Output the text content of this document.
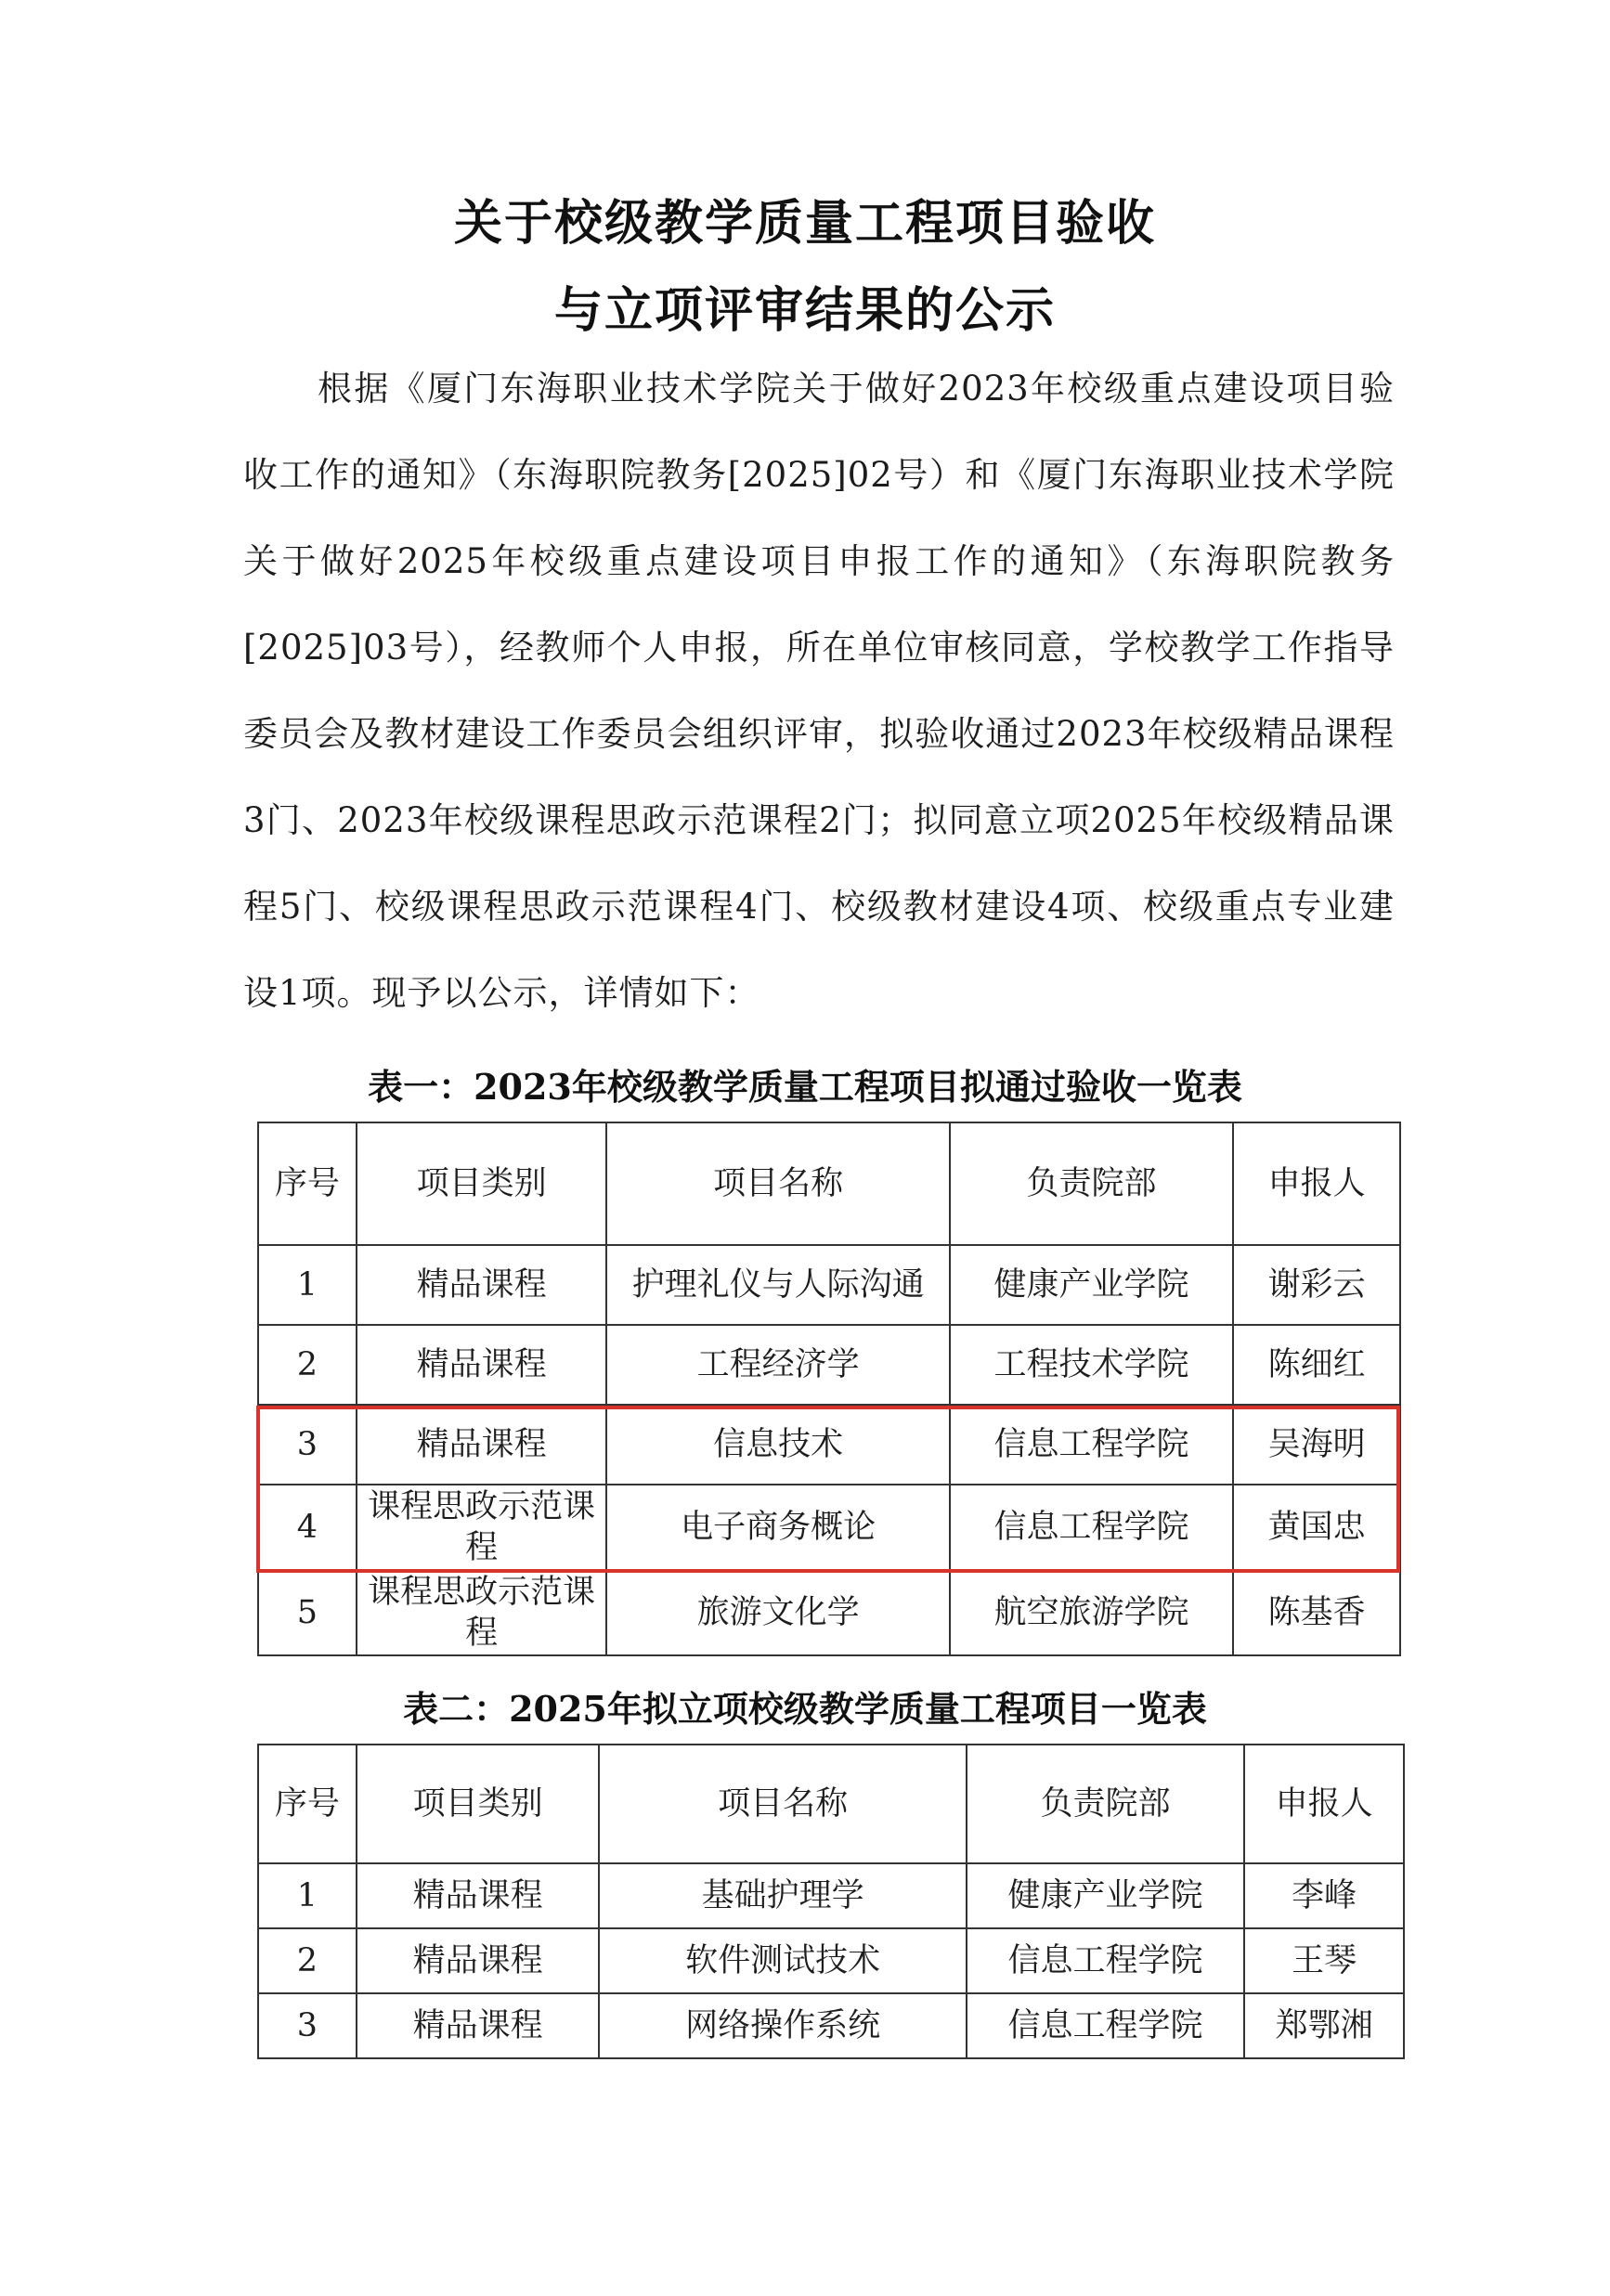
关于校级教学质量工程项目验收
与立项评审结果的公示
根据《厦门东海职业技术学院关于做好2023年校级重点建设项目验收工作的通知》（东海职院教务[2025]02号）和《厦门东海职业技术学院关于做好2025年校级重点建设项目申报工作的通知》（东海职院教务[2025]03号），经教师个人申报，所在单位审核同意，学校教学工作指导委员会及教材建设工作委员会组织评审，拟验收通过2023年校级精品课程3门、2023年校级课程思政示范课程2门；拟同意立项2025年校级精品课程5门、校级课程思政示范课程4门、校级教材建设4项、校级重点专业建设1项。现予以公示，详情如下：
表一：2023年校级教学质量工程项目拟通过验收一览表
序号	项目类别	项目名称	负责院部	申报人
1	精品课程	护理礼仪与人际沟通	健康产业学院	谢彩云
2	精品课程	工程经济学	工程技术学院	陈细红
3	精品课程	信息技术	信息工程学院	吴海明
4	课程思政示范课程	电子商务概论	信息工程学院	黄国忠
5	课程思政示范课程	旅游文化学	航空旅游学院	陈基香
表二：2025年拟立项校级教学质量工程项目一览表
序号	项目类别	项目名称	负责院部	申报人
1	精品课程	基础护理学	健康产业学院	李峰
2	精品课程	软件测试技术	信息工程学院	王琴
3	精品课程	网络操作系统	信息工程学院	郑鄂湘
